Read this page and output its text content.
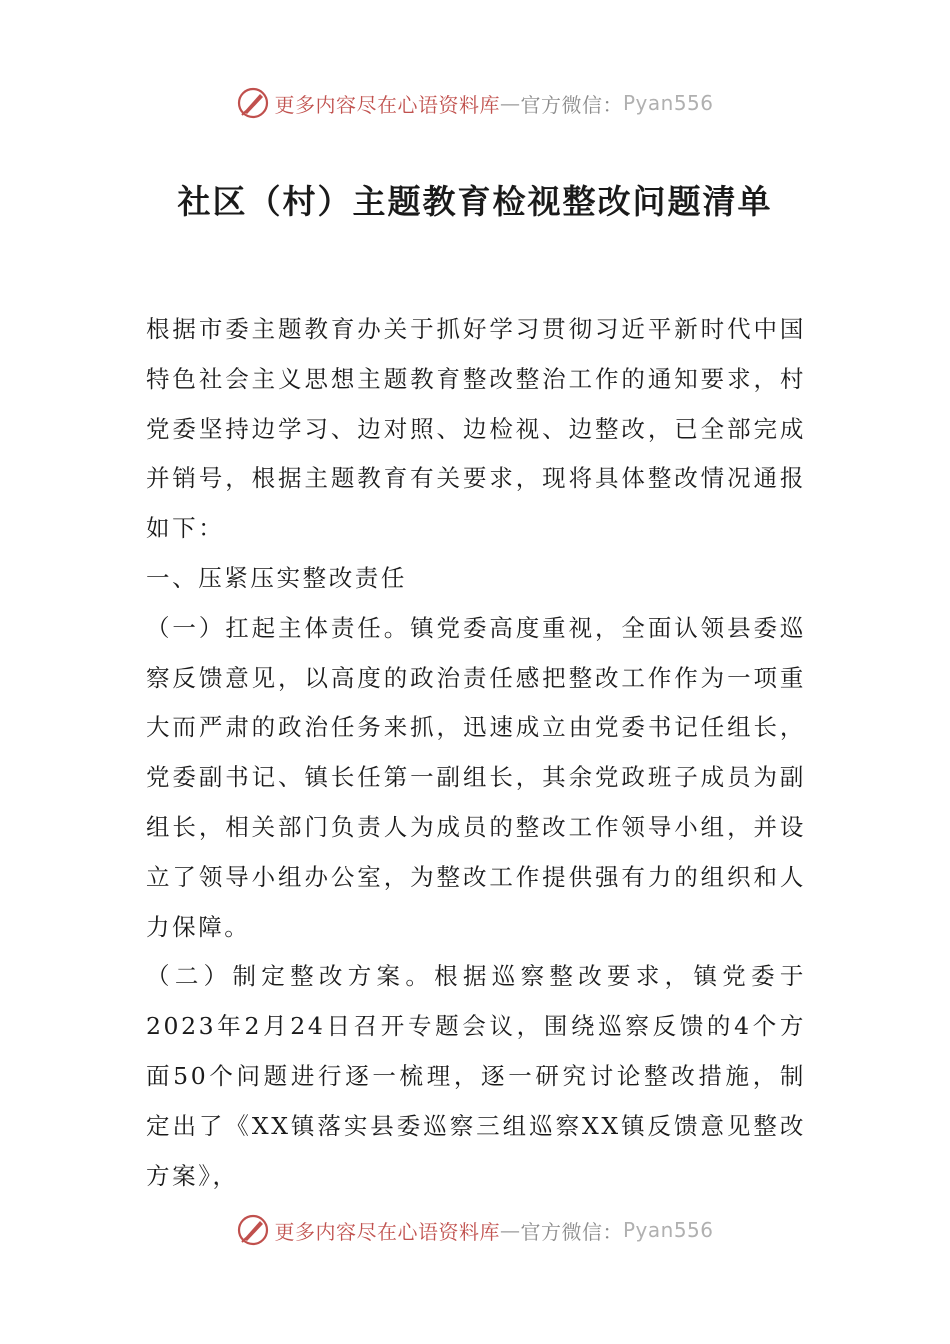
更多内容尽在心语资料库 — 官方微信： Pyan556
社区（村）主题教育检视整改问题清单

根据市委主题教育办关于抓好学习贯彻习近平新时代中国特色社会主义思想主题教育整改整治工作的通知要求，村党委坚持边学习、边对照、边检视、边整改，已全部完成并销号，根据主题教育有关要求，现将具体整改情况通报如下：

一、压紧压实整改责任

（一）扛起主体责任。镇党委高度重视，全面认领县委巡察反馈意见，以高度的政治责任感把整改工作作为一项重大而严肃的政治任务来抓，迅速成立由党委书记任组长，党委副书记、镇长任第一副组长，其余党政班子成员为副组长，相关部门负责人为成员的整改工作领导小组，并设立了领导小组办公室，为整改工作提供强有力的组织和人力保障。

（二）制定整改方案。根据巡察整改要求，镇党委于2023年2月24日召开专题会议，围绕巡察反馈的4个方面50个问题进行逐一梳理，逐一研究讨论整改措施，制定出了《XX镇落实县委巡察三组巡察XX镇反馈意见整改方案》，

更多内容尽在心语资料库 — 官方微信： Pyan556
